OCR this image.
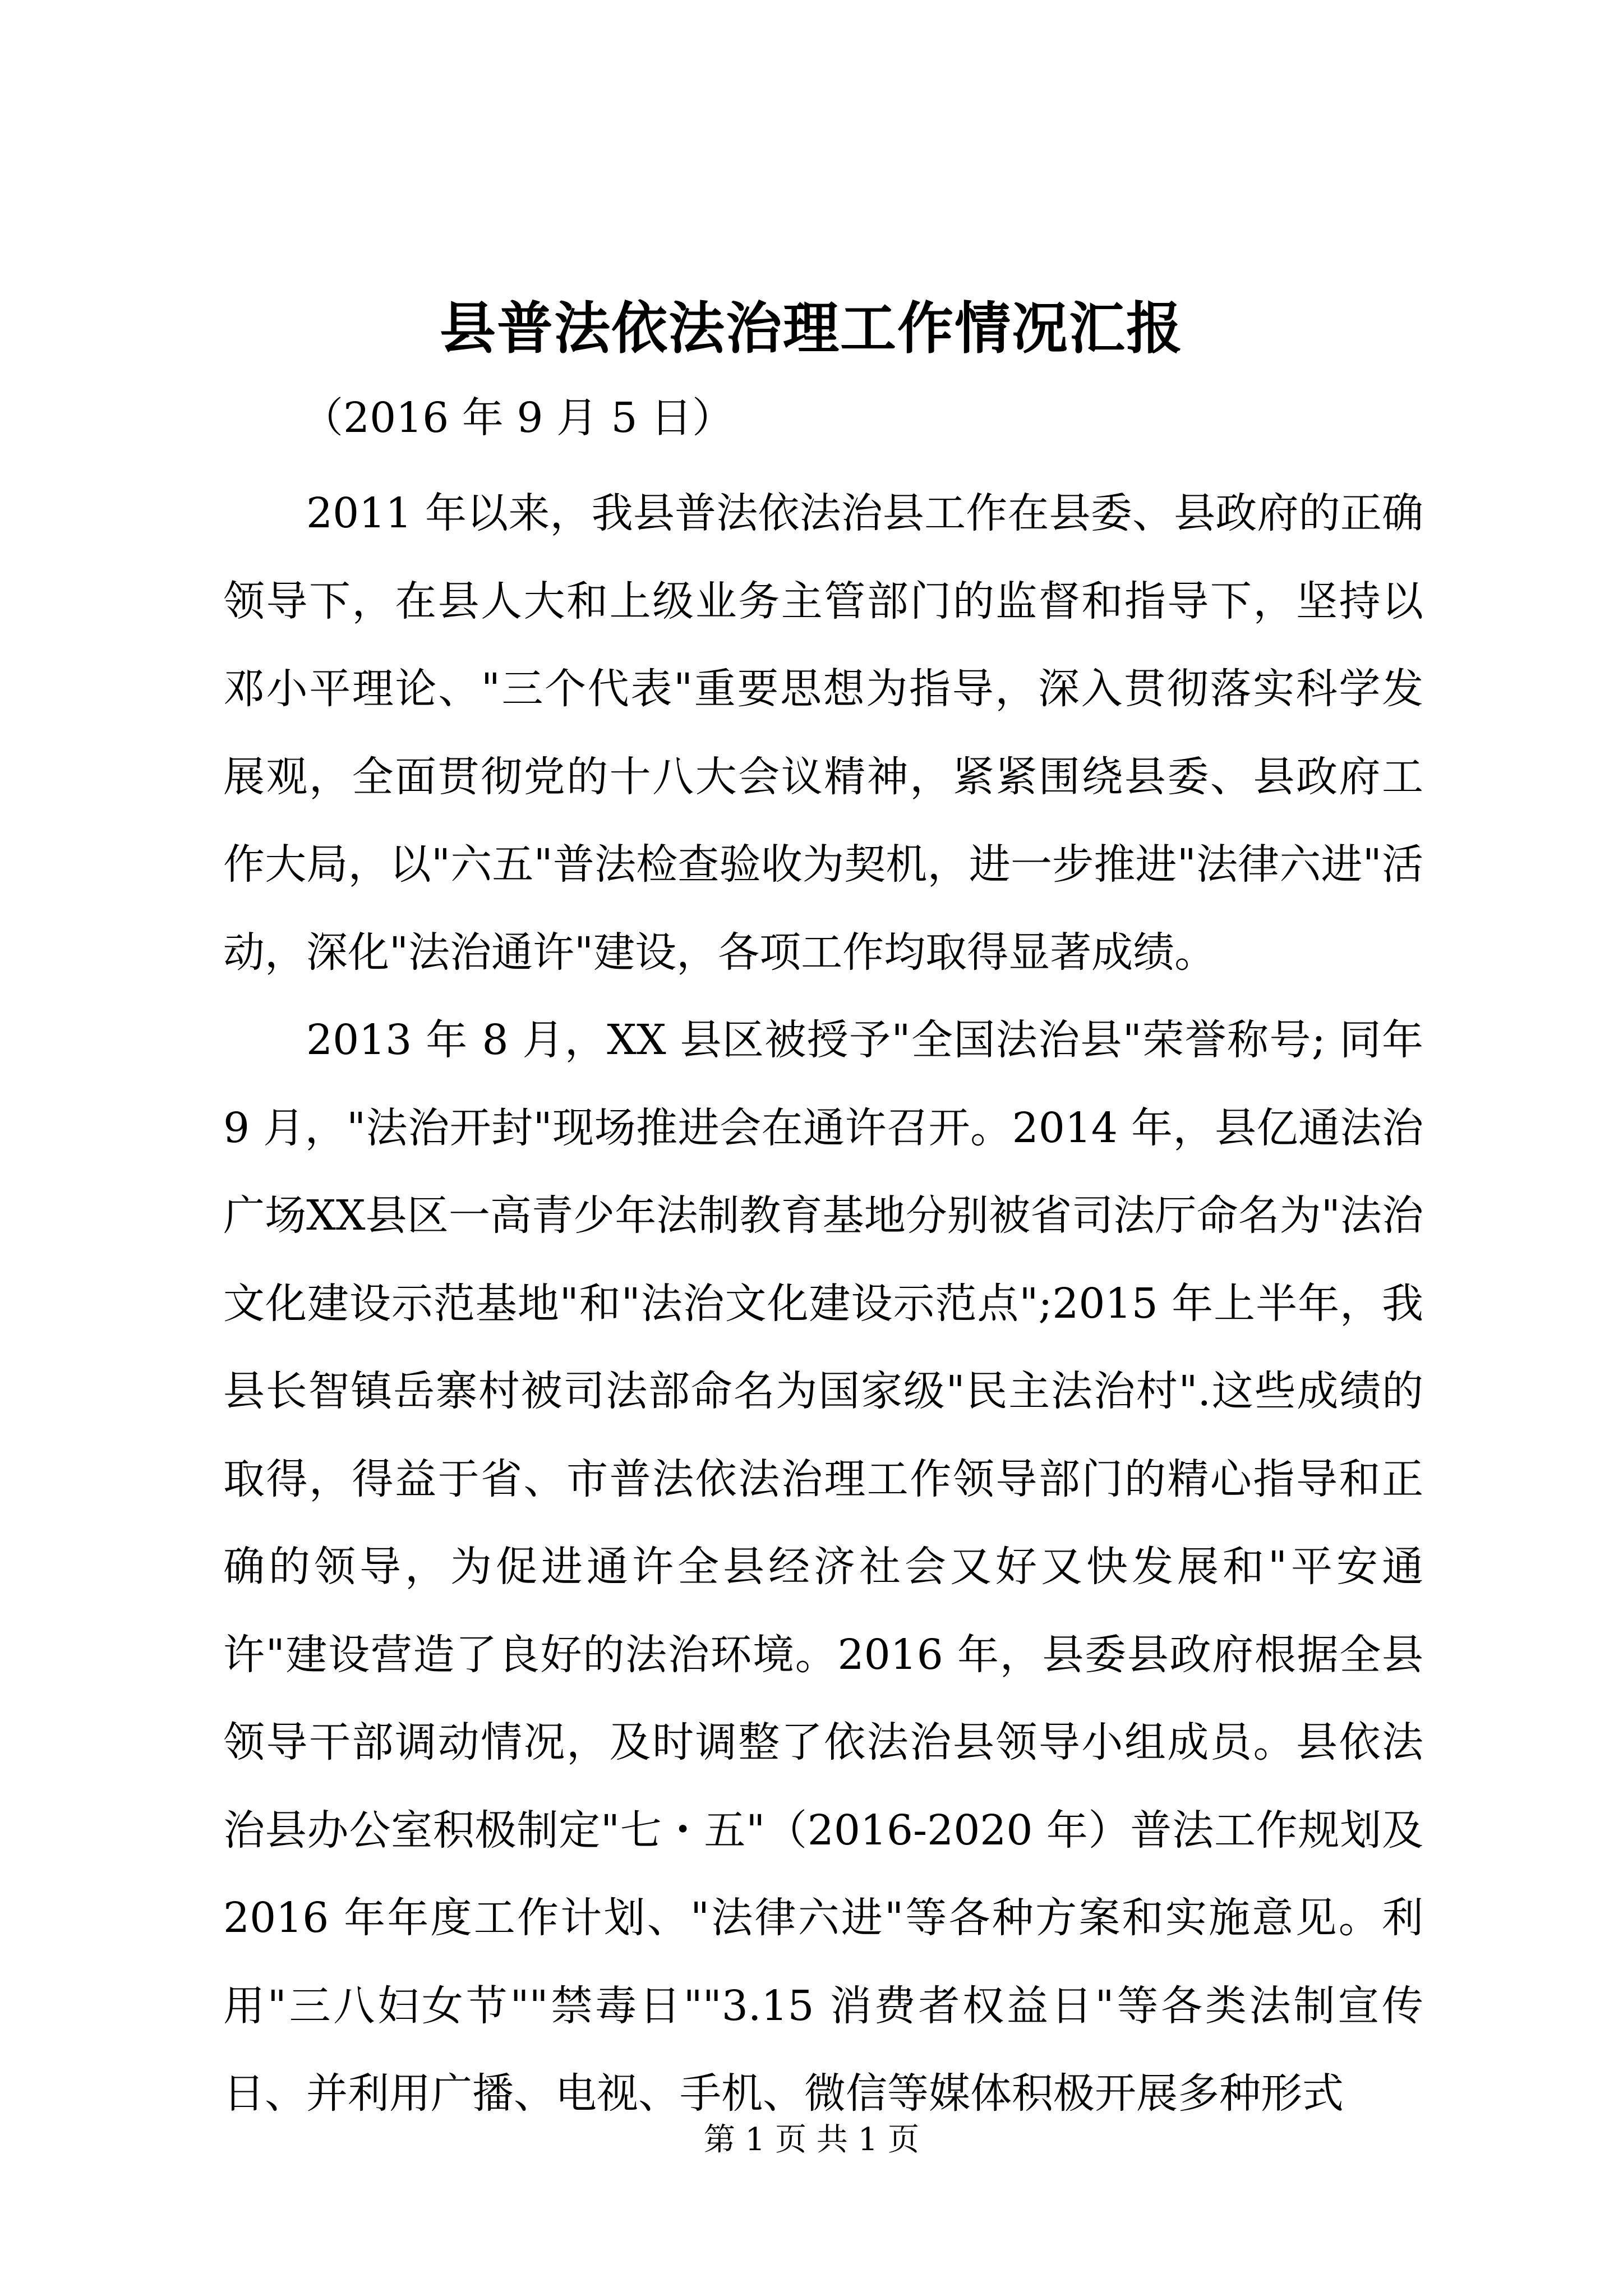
县普法依法治理工作情况汇报
（2016 年 9 月 5 日）

2011 年以来，我县普法依法治县工作在县委、县政府的正确领导下，在县人大和上级业务主管部门的监督和指导下，坚持以邓小平理论、"三个代表"重要思想为指导，深入贯彻落实科学发展观，全面贯彻党的十八大会议精神，紧紧围绕县委、县政府工作大局，以"六五"普法检查验收为契机，进一步推进"法律六进"活动，深化"法治通许"建设，各项工作均取得显著成绩。

2013 年 8 月，XX 县区被授予"全国法治县"荣誉称号; 同年 9 月，"法治开封"现场推进会在通许召开。2014 年，县亿通法治广场XX县区一高青少年法制教育基地分别被省司法厅命名为"法治文化建设示范基地"和"法治文化建设示范点";2015 年上半年，我县长智镇岳寨村被司法部命名为国家级"民主法治村".这些成绩的取得，得益于省、市普法依法治理工作领导部门的精心指导和正确的领导，为促进通许全县经济社会又好又快发展和"平安通许"建设营造了良好的法治环境。2016 年，县委县政府根据全县领导干部调动情况，及时调整了依法治县领导小组成员。县依法治县办公室积极制定"七・五"（2016-2020 年）普法工作规划及 2016 年年度工作计划、"法律六进"等各种方案和实施意见。利用"三八妇女节""禁毒日""3.15 消费者权益日"等各类法制宣传日、并利用广播、电视、手机、微信等媒体积极开展多种形式

第 1 页 共 1 页
